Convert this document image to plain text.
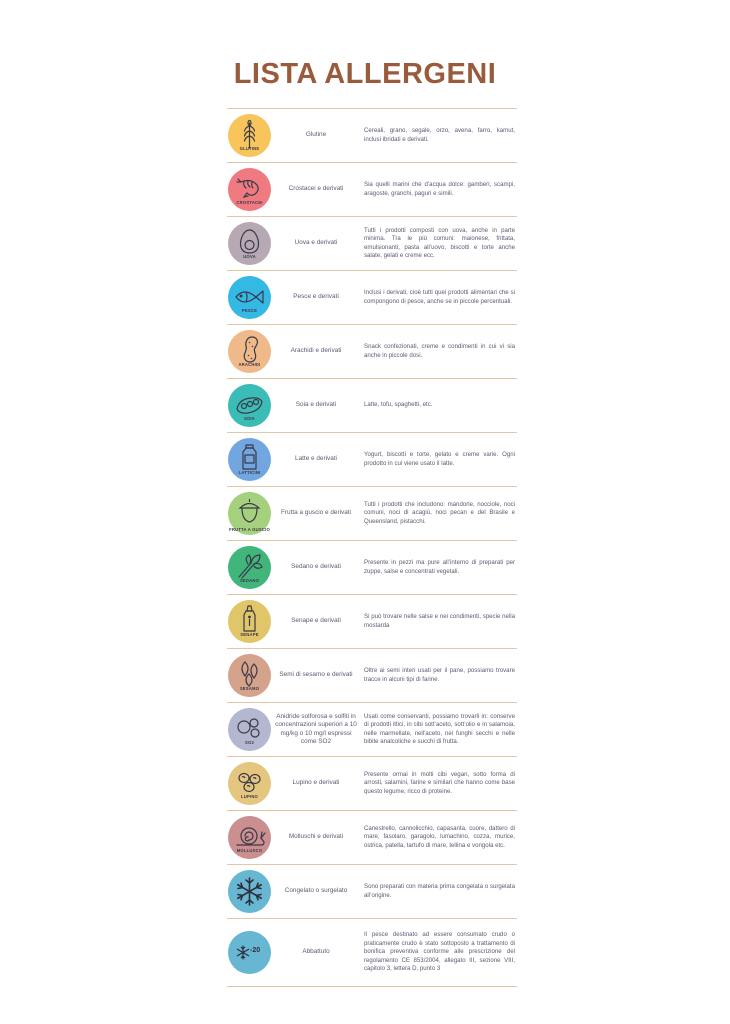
LISTA ALLERGENI
GLUTINE
Glutine
Cereali, grano, segale, orzo, avena, farro, kamut, inclusi ibridati e derivati.
CROSTACEI
Crostacei e derivati
Sia quelli marini che d’acqua dolce: gamberi, scampi, aragoste, granchi, paguri e simili.
UOVA
Uova e derivati
Tutti i prodotti composti con uova, anche in parte minima. Tra le più comuni: maionese, frittata, emulsionanti, pasta all’uovo, biscotti e torte anche salate, gelati e creme ecc.
PESCE
Pesce e derivati
Inclusi i derivati, cioè tutti quei prodotti alimentari che si compongono di pesce, anche se in piccole percentuali.
ARACHIDI
Arachidi e derivati
Snack confezionati, creme e condimenti in cui vi sia anche in piccole dosi.
SOIA
Soia e derivati	Latte, tofu, spaghetti, etc.
LATTICINI
Latte e derivati
Yogurt, biscotti e torte, gelato e creme varie. Ogni prodotto in cui viene usato il latte.
FRUTTA A GUSCIO
Frutta a guscio e derivati
Tutti i prodotti che includono: mandorle, nocciole, noci comuni, noci di acagiù, noci pecan e del Brasile e Queensland, pistacchi.
SEDANO
Sedano e derivati
Presente in pezzi ma pure all’interno di preparati per zuppe, salse e concentrati vegetali.
SENAPE
Senape e derivati
Si può trovare nelle salse e nei condimenti, specie nella mostarda
SESAMO
Semi di sesamo e derivati
Oltre ai semi interi usati per il pane, possiamo trovare tracce in alcuni tipi di farine.
SO2
Anidride solforosa e solfiti in concentrazioni superiori a 10 mg/kg o 10 mg/l espressi come SO2
Usati come conservanti, possiamo trovarli in: conserve di prodotti ittici, in cibi sott’aceto, sott’olio e in salamoia, nelle marmellate, nell’aceto, nei funghi secchi e nelle bibite analcoliche e succhi di frutta.
LUPINO
Lupino e derivati
Presente ormai in molti cibi vegan, sotto forma di arrosti, salamini, farine e similari che hanno come base questo legume, ricco di proteine.
MOLLUSCO
Molluschi e derivati
Canestrello, cannolicchio, capasanta, cuore, dattero di mare, fasolaro, garagolo, lumachino, cozza, murice, ostrica, patella, tartufo di mare, tellina e vongola etc.
Congelato o surgelato
Sono preparati con materia prima congelata o surgelata all’origine.
-20	Abbattuto
Il pesce destinato ad essere consumato crudo o praticamente crudo è stato sottoposto a trattamento di bonifica preventiva conforme alle prescrizione del regolamento CE 853/2004, allegato III, sezione VIII, capitolo 3, lettera D, punto 3
